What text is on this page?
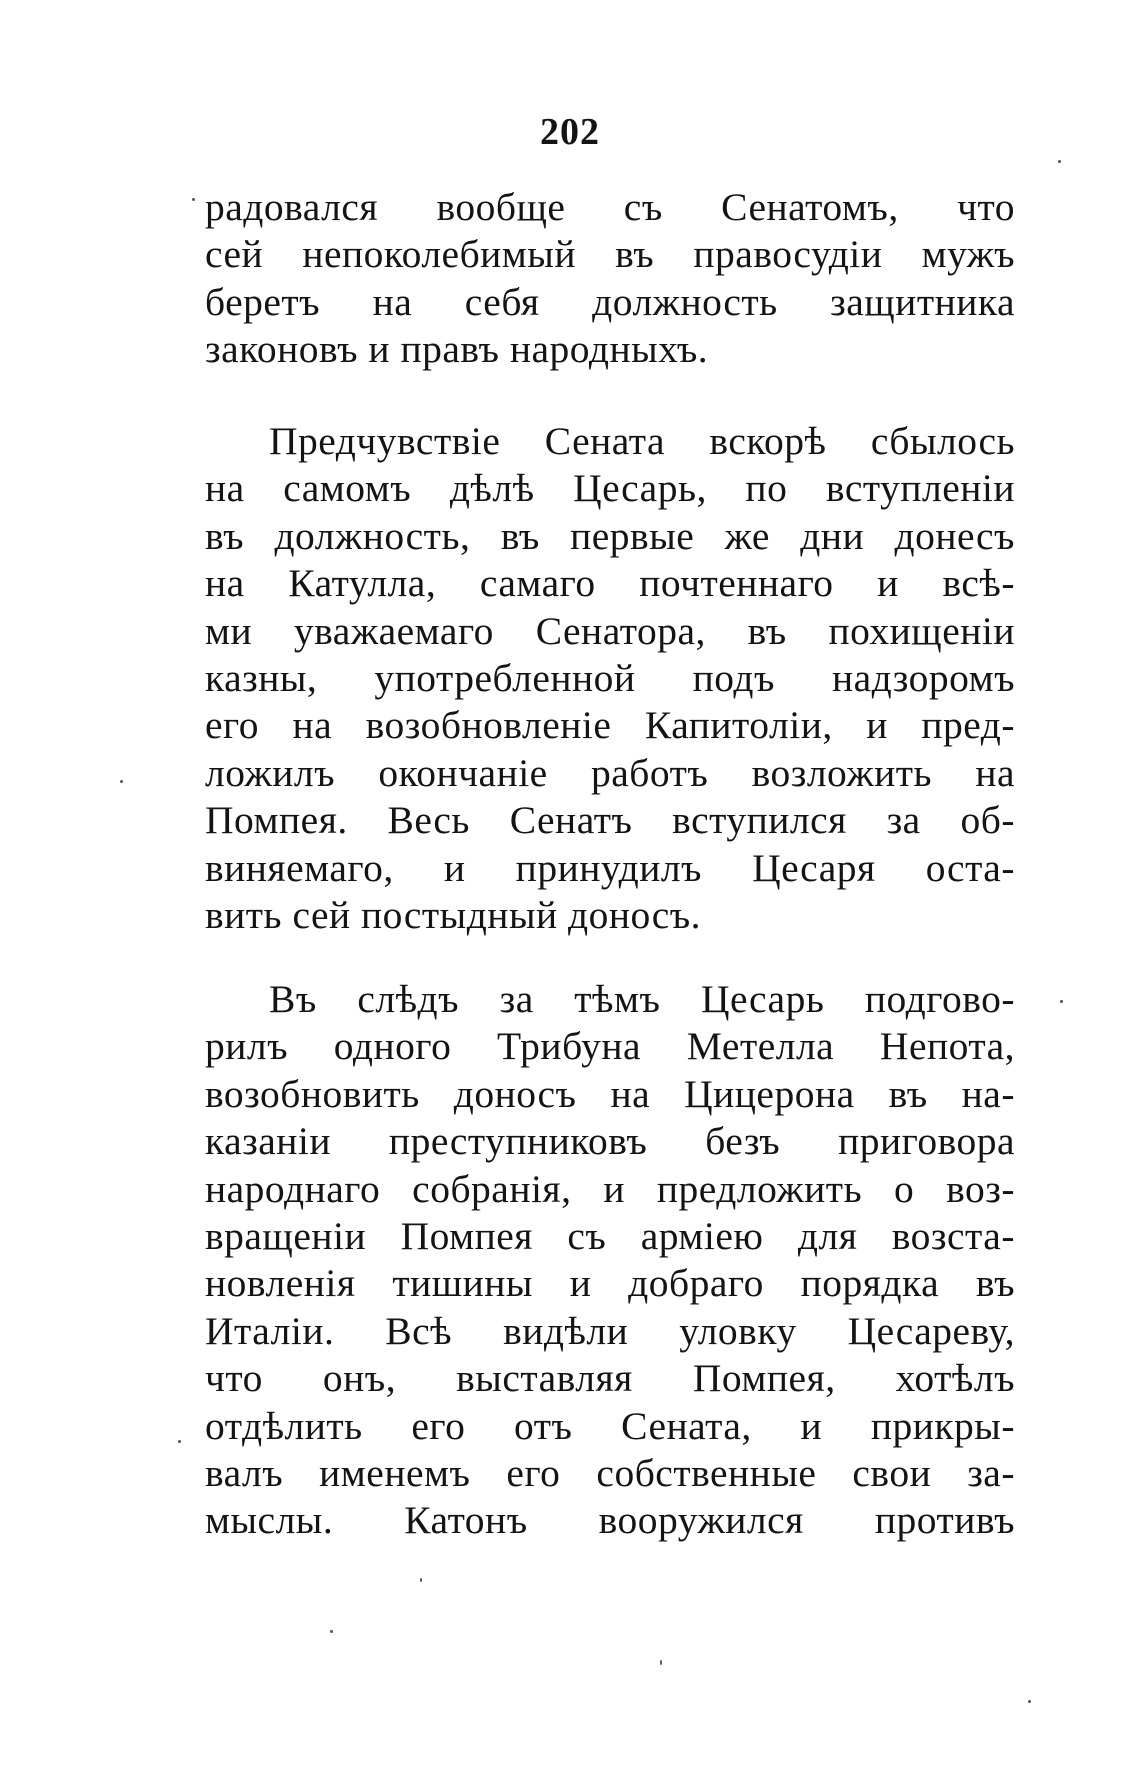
202
радовался вообще съ Сенатомъ, что
сей непоколебимый въ правосудіи мужъ
беретъ на себя должность защитника
законовъ и правъ народныхъ.
Предчувствіе Сената вскорѣ сбылось
на самомъ дѣлѣ Цесарь, по вступленіи
въ должность, въ первые же дни донесъ
на Катулла, самаго почтеннаго и всѣ-
ми уважаемаго Сенатора, въ похищеніи
казны, употребленной подъ надзоромъ
его на возобновленіе Капитоліи, и пред-
ложилъ окончаніе работъ возложить на
Помпея. Весь Сенатъ вступился за об-
виняемаго, и принудилъ Цесаря оста-
вить сей постыдный доносъ.
Въ слѣдъ за тѣмъ Цесарь подгово-
рилъ одного Трибуна Метелла Непота,
возобновить доносъ на Цицерона въ на-
казаніи преступниковъ безъ приговора
народнаго собранія, и предложить о воз-
вращеніи Помпея съ арміею для возста-
новленія тишины и добраго порядка въ
Италіи. Всѣ видѣли уловку Цесареву,
что онъ, выставляя Помпея, хотѣлъ
отдѣлить его отъ Сената, и прикры-
валъ именемъ его собственные свои за-
мыслы. Катонъ вооружился противъ
